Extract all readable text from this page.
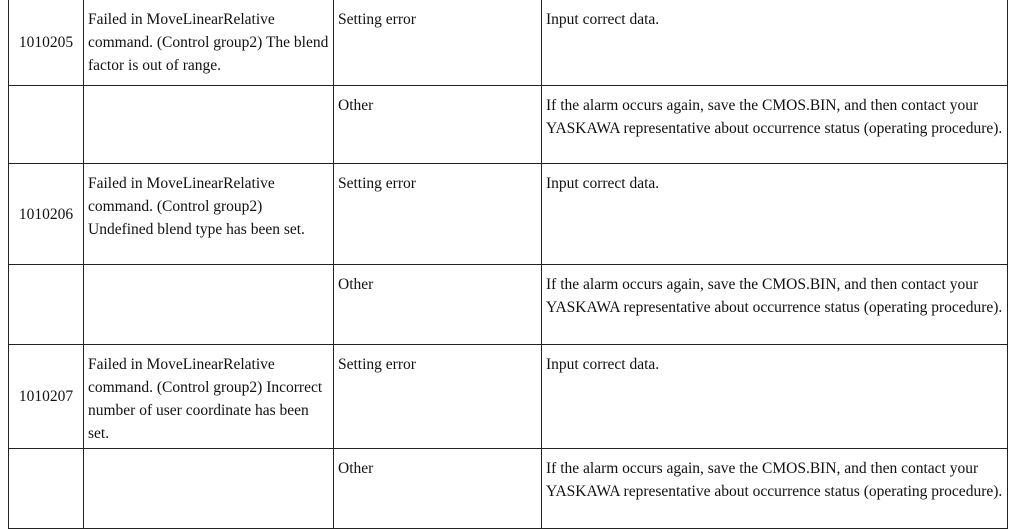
1010205	Failed in MoveLinearRelative command. (Control group2) The blend factor is out of range.	Setting error	Input correct data.
		Other	If the alarm occurs again, save the CMOS.BIN, and then contact your YASKAWA representative about occurrence status (operating procedure).
1010206	Failed in MoveLinearRelative command. (Control group2) Undefined blend type has been set.	Setting error	Input correct data.
		Other	If the alarm occurs again, save the CMOS.BIN, and then contact your YASKAWA representative about occurrence status (operating procedure).
1010207	Failed in MoveLinearRelative command. (Control group2) Incorrect number of user coordinate has been set.	Setting error	Input correct data.
		Other	If the alarm occurs again, save the CMOS.BIN, and then contact your YASKAWA representative about occurrence status (operating procedure).
